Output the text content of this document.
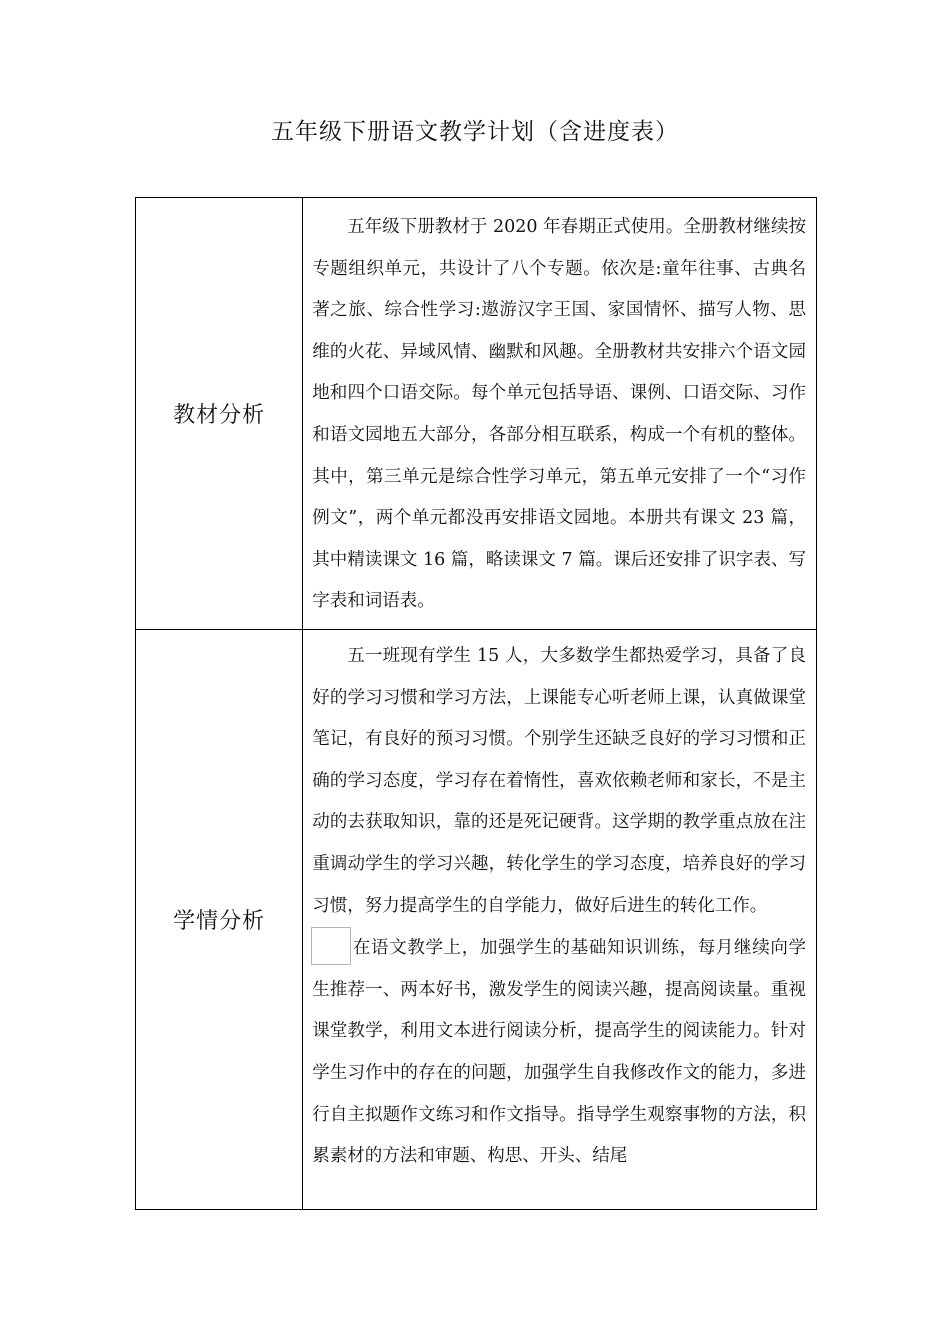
五年级下册语文教学计划（含进度表）
教材分析	五年级下册教材于 2020 年春期正式使用。全册教材继续按专题组织单元，共设计了八个专题。依次是:童年往事、古典名著之旅、综合性学习:遨游汉字王国、家国情怀、描写人物、思维的火花、异域风情、幽默和风趣。全册教材共安排六个语文园地和四个口语交际。每个单元包括导语、课例、口语交际、习作和语文园地五大部分，各部分相互联系，构成一个有机的整体。其中，第三单元是综合性学习单元，第五单元安排了一个“习作例文”，两个单元都没再安排语文园地。本册共有课文 23 篇，其中精读课文 16 篇，略读课文 7 篇。课后还安排了识字表、写字表和词语表。

学情分析	五一班现有学生 15 人，大多数学生都热爱学习，具备了良好的学习习惯和学习方法，上课能专心听老师上课，认真做课堂笔记，有良好的预习习惯。个别学生还缺乏良好的学习习惯和正确的学习态度，学习存在着惰性，喜欢依赖老师和家长，不是主动的去获取知识，靠的还是死记硬背。这学期的教学重点放在注重调动学生的学习兴趣，转化学生的学习态度，培养良好的学习习惯，努力提高学生的自学能力，做好后进生的转化工作。

在语文教学上，加强学生的基础知识训练，每月继续向学生推荐一、两本好书，激发学生的阅读兴趣，提高阅读量。重视课堂教学，利用文本进行阅读分析，提高学生的阅读能力。针对学生习作中的存在的问题，加强学生自我修改作文的能力，多进行自主拟题作文练习和作文指导。指导学生观察事物的方法，积累素材的方法和审题、构思、开头、结尾
